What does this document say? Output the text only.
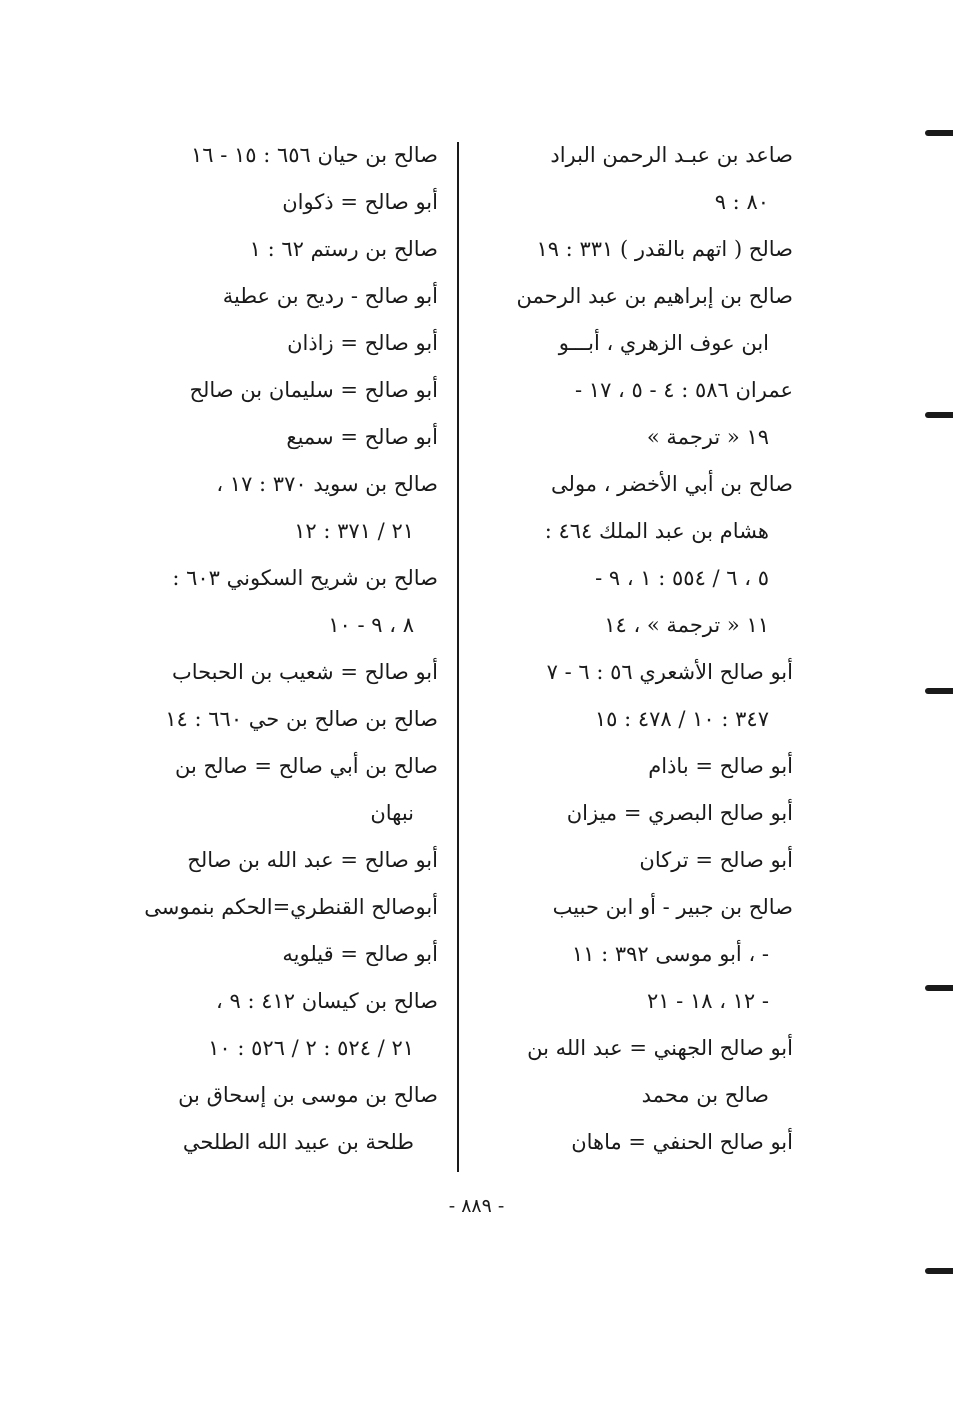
صاعد بن عبـد الرحمن البراد
٨٠ : ٩
صالح ( اتهم بالقدر ) ٣٣١ : ١٩
صالح بن إبراهيم بن عبد الرحمن
ابن عوف الزهري ، أبـــو
عمران ٥٨٦ : ٤ - ٥ ، ١٧ -
١٩ « ترجمة »
صالح بن أبي الأخضر ، مولى
هشام بن عبد الملك ٤٦٤ :
٥ ، ٦ / ٥٥٤ : ١ ، ٩ -
١١ « ترجمة » ، ١٤
أبو صالح الأشعري ٥٦ : ٦ - ٧
٣٤٧ : ١٠ / ٤٧٨ : ١٥
أبو صالح = باذام
أبو صالح البصري = ميزان
أبو صالح = تركان
صالح بن جبير - أو ابن حبيب
- ، أبو موسى ٣٩٢ : ١١
- ١٢ ، ١٨ - ٢١
أبو صالح الجهني = عبد الله بن
صالح بن محمد
أبو صالح الحنفي = ماهان
صالح بن حيان ٦٥٦ : ١٥ - ١٦
أبو صالح = ذكوان
صالح بن رستم ٦٢ : ١
أبو صالح - رديح بن عطية
أبو صالح = زاذان
أبو صالح = سليمان بن صالح
أبو صالح = سميع
صالح بن سويد ٣٧٠ : ١٧ ،
٢١ / ٣٧١ : ١٢
صالح بن شريح السكوني ٦٠٣ :
٨ ، ٩ - ١٠
أبو صالح = شعيب بن الحبحاب
صالح بن صالح بن حي ٦٦٠ : ١٤
صالح بن أبي صالح = صالح بن
نبهان
أبو صالح = عبد الله بن صالح
أبوصالح القنطري=الحكم بنموسى
أبو صالح = قيلويه
صالح بن كيسان ٤١٢ : ٩ ،
٢١ / ٥٢٤ : ٢ / ٥٢٦ : ١٠
صالح بن موسى بن إسحاق بن
طلحة بن عبيد الله الطلحي
- ٨٨٩ -
